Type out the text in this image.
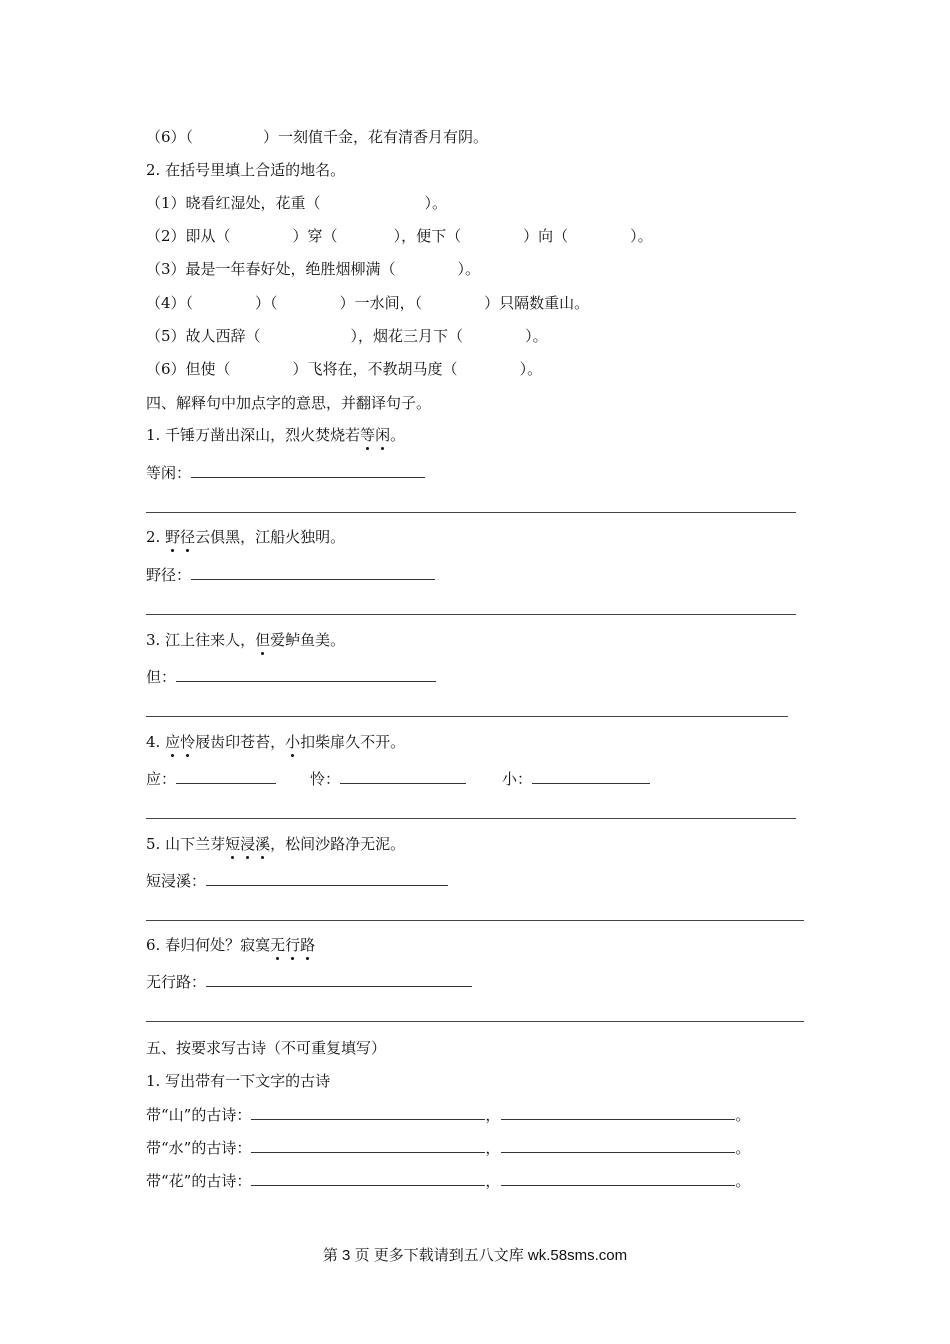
（6）（	）一刻值千金，花有清香月有阴。
2. 在括号里填上合适的地名。
（1）晓看红湿处，花重（	）。
（2）即从（	）穿（	），便下（	）向（	）。
（3）最是一年春好处，绝胜烟柳满（	）。
（4）（	）（	）一水间，（	）只隔数重山。
（5）故人西辞（	），烟花三月下（	）。
（6）但使（	）飞将在，不教胡马度（	）。
四、解释句中加点字的意思，并翻译句子。
1. 千锤万凿出深山，烈火焚烧若等闲。
等闲：
2. 野径云俱黑，江船火独明。
野径：
3. 江上往来人，但爱鲈鱼美。
但：
4. 应怜屐齿印苍苔，小扣柴扉久不开。
应：	怜：	小：
5. 山下兰芽短浸溪，松间沙路净无泥。
短浸溪：
6. 春归何处？寂寞无行路
无行路：
五、按要求写古诗（不可重复填写）
1. 写出带有一下文字的古诗
带“山”的古诗：	，	。
带“水”的古诗：	，	。
带“花”的古诗：	，	。
第 3 页 更多下载请到五八文库 wk.58sms.com
